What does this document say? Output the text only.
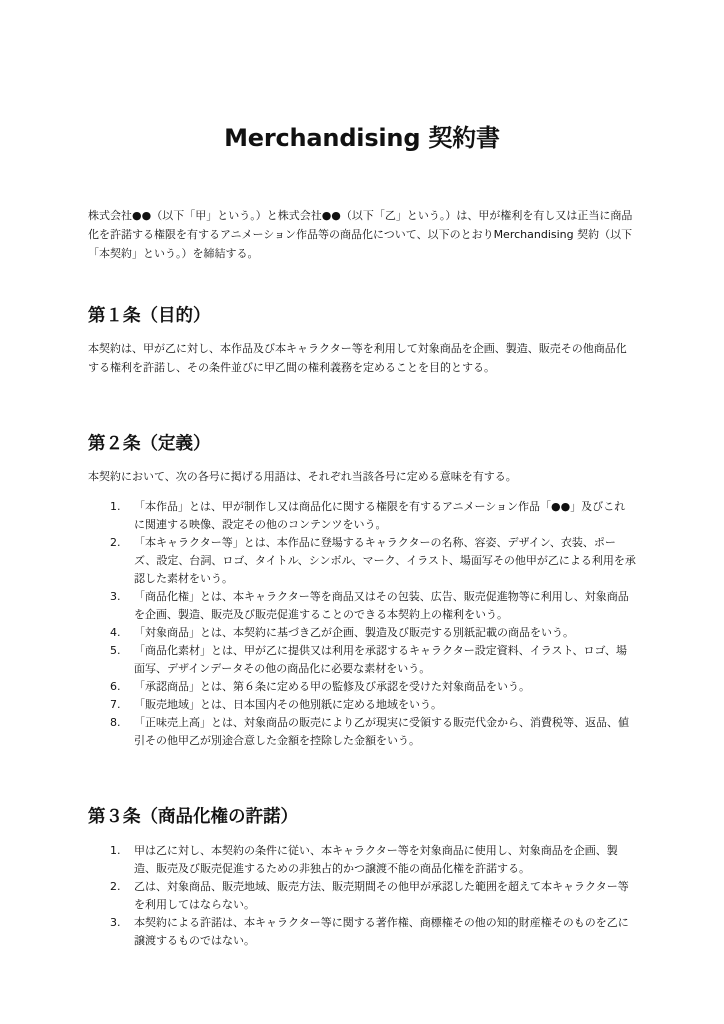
Merchandising 契約書

株式会社●●（以下「甲」という。）と株式会社●●（以下「乙」という。）は、甲が権利を有し又は正当に商品化を許諾する権限を有するアニメーション作品等の商品化について、以下のとおりMerchandising 契約（以下「本契約」という。）を締結する。

第１条（目的）

本契約は、甲が乙に対し、本作品及び本キャラクター等を利用して対象商品を企画、製造、販売その他商品化する権利を許諾し、その条件並びに甲乙間の権利義務を定めることを目的とする。

第２条（定義）

本契約において、次の各号に掲げる用語は、それぞれ当該各号に定める意味を有する。

1.	「本作品」とは、甲が制作し又は商品化に関する権限を有するアニメーション作品「●●」及びこれに関連する映像、設定その他のコンテンツをいう。
2.	「本キャラクター等」とは、本作品に登場するキャラクターの名称、容姿、デザイン、衣装、ポーズ、設定、台詞、ロゴ、タイトル、シンボル、マーク、イラスト、場面写その他甲が乙による利用を承認した素材をいう。
3.	「商品化権」とは、本キャラクター等を商品又はその包装、広告、販売促進物等に利用し、対象商品を企画、製造、販売及び販売促進することのできる本契約上の権利をいう。
4.	「対象商品」とは、本契約に基づき乙が企画、製造及び販売する別紙記載の商品をいう。
5.	「商品化素材」とは、甲が乙に提供又は利用を承認するキャラクター設定資料、イラスト、ロゴ、場面写、デザインデータその他の商品化に必要な素材をいう。
6.	「承認商品」とは、第６条に定める甲の監修及び承認を受けた対象商品をいう。
7.	「販売地域」とは、日本国内その他別紙に定める地域をいう。
8.	「正味売上高」とは、対象商品の販売により乙が現実に受領する販売代金から、消費税等、返品、値引その他甲乙が別途合意した金額を控除した金額をいう。
第３条（商品化権の許諾）
1.	甲は乙に対し、本契約の条件に従い、本キャラクター等を対象商品に使用し、対象商品を企画、製造、販売及び販売促進するための非独占的かつ譲渡不能の商品化権を許諾する。
2.	乙は、対象商品、販売地域、販売方法、販売期間その他甲が承認した範囲を超えて本キャラクター等を利用してはならない。
3.	本契約による許諾は、本キャラクター等に関する著作権、商標権その他の知的財産権そのものを乙に譲渡するものではない。
